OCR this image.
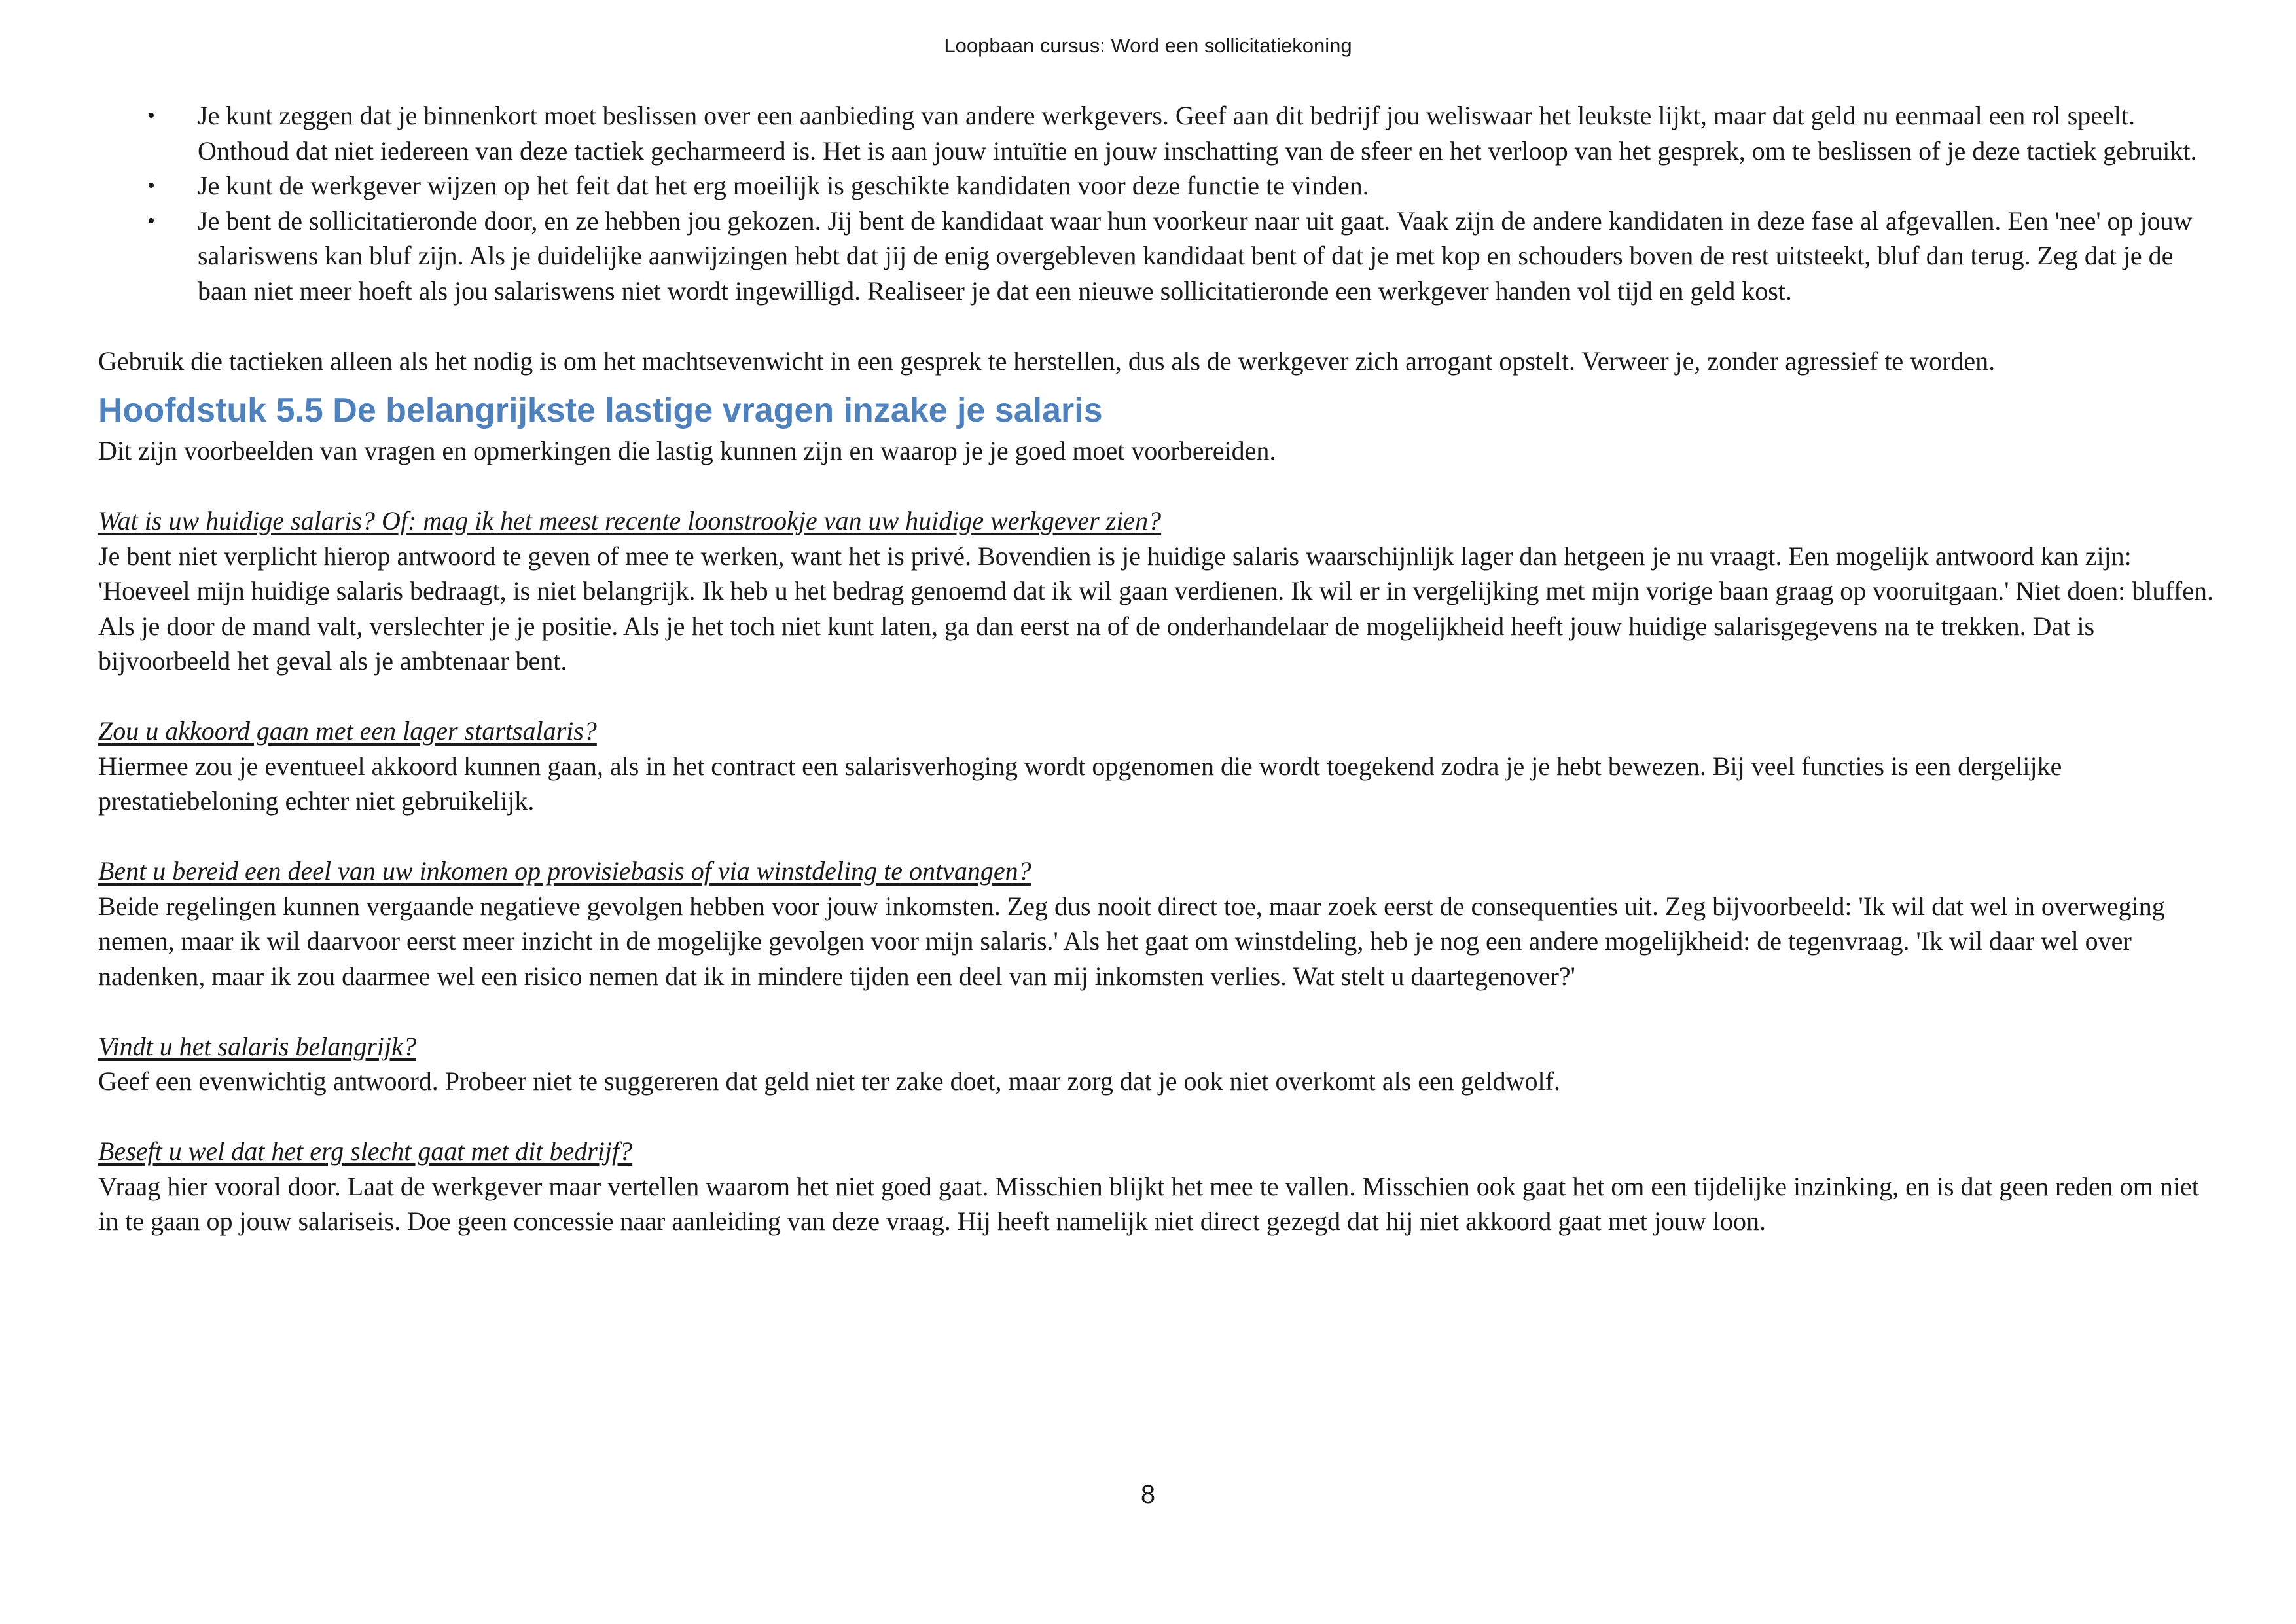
Loopbaan cursus: Word een sollicitatiekoning
• Je kunt zeggen dat je binnenkort moet beslissen over een aanbieding van andere werkgevers. Geef aan dit bedrijf jou weliswaar het leukste lijkt, maar dat geld nu eenmaal een rol speelt. Onthoud dat niet iedereen van deze tactiek gecharmeerd is. Het is aan jouw intuïtie en jouw inschatting van de sfeer en het verloop van het gesprek, om te beslissen of je deze tactiek gebruikt.
• Je kunt de werkgever wijzen op het feit dat het erg moeilijk is geschikte kandidaten voor deze functie te vinden.
• Je bent de sollicitatieronde door, en ze hebben jou gekozen. Jij bent de kandidaat waar hun voorkeur naar uit gaat. Vaak zijn de andere kandidaten in deze fase al afgevallen. Een 'nee' op jouw salariswens kan bluf zijn. Als je duidelijke aanwijzingen hebt dat jij de enig overgebleven kandidaat bent of dat je met kop en schouders boven de rest uitsteekt, bluf dan terug. Zeg dat je de baan niet meer hoeft als jou salariswens niet wordt ingewilligd. Realiseer je dat een nieuwe sollicitatieronde een werkgever handen vol tijd en geld kost.

Gebruik die tactieken alleen als het nodig is om het machtsevenwicht in een gesprek te herstellen, dus als de werkgever zich arrogant opstelt. Verweer je, zonder agressief te worden.

Hoofdstuk 5.5 De belangrijkste lastige vragen inzake je salaris

Dit zijn voorbeelden van vragen en opmerkingen die lastig kunnen zijn en waarop je je goed moet voorbereiden.

Wat is uw huidige salaris? Of: mag ik het meest recente loonstrookje van uw huidige werkgever zien?

Je bent niet verplicht hierop antwoord te geven of mee te werken, want het is privé. Bovendien is je huidige salaris waarschijnlijk lager dan hetgeen je nu vraagt. Een mogelijk antwoord kan zijn: 'Hoeveel mijn huidige salaris bedraagt, is niet belangrijk. Ik heb u het bedrag genoemd dat ik wil gaan verdienen. Ik wil er in vergelijking met mijn vorige baan graag op vooruitgaan.' Niet doen: bluffen. Als je door de mand valt, verslechter je je positie. Als je het toch niet kunt laten, ga dan eerst na of de onderhandelaar de mogelijkheid heeft jouw huidige salarisgegevens na te trekken. Dat is bijvoorbeeld het geval als je ambtenaar bent.

Zou u akkoord gaan met een lager startsalaris?

Hiermee zou je eventueel akkoord kunnen gaan, als in het contract een salarisverhoging wordt opgenomen die wordt toegekend zodra je je hebt bewezen. Bij veel functies is een dergelijke prestatiebeloning echter niet gebruikelijk.

Bent u bereid een deel van uw inkomen op provisiebasis of via winstdeling te ontvangen?

Beide regelingen kunnen vergaande negatieve gevolgen hebben voor jouw inkomsten. Zeg dus nooit direct toe, maar zoek eerst de consequenties uit. Zeg bijvoorbeeld: 'Ik wil dat wel in overweging nemen, maar ik wil daarvoor eerst meer inzicht in de mogelijke gevolgen voor mijn salaris.' Als het gaat om winstdeling, heb je nog een andere mogelijkheid: de tegenvraag. 'Ik wil daar wel over nadenken, maar ik zou daarmee wel een risico nemen dat ik in mindere tijden een deel van mij inkomsten verlies. Wat stelt u daartegenover?'

Vindt u het salaris belangrijk?

Geef een evenwichtig antwoord. Probeer niet te suggereren dat geld niet ter zake doet, maar zorg dat je ook niet overkomt als een geldwolf.

Beseft u wel dat het erg slecht gaat met dit bedrijf?

Vraag hier vooral door. Laat de werkgever maar vertellen waarom het niet goed gaat. Misschien blijkt het mee te vallen. Misschien ook gaat het om een tijdelijke inzinking, en is dat geen reden om niet in te gaan op jouw salariseis. Doe geen concessie naar aanleiding van deze vraag. Hij heeft namelijk niet direct gezegd dat hij niet akkoord gaat met jouw loon.

8
